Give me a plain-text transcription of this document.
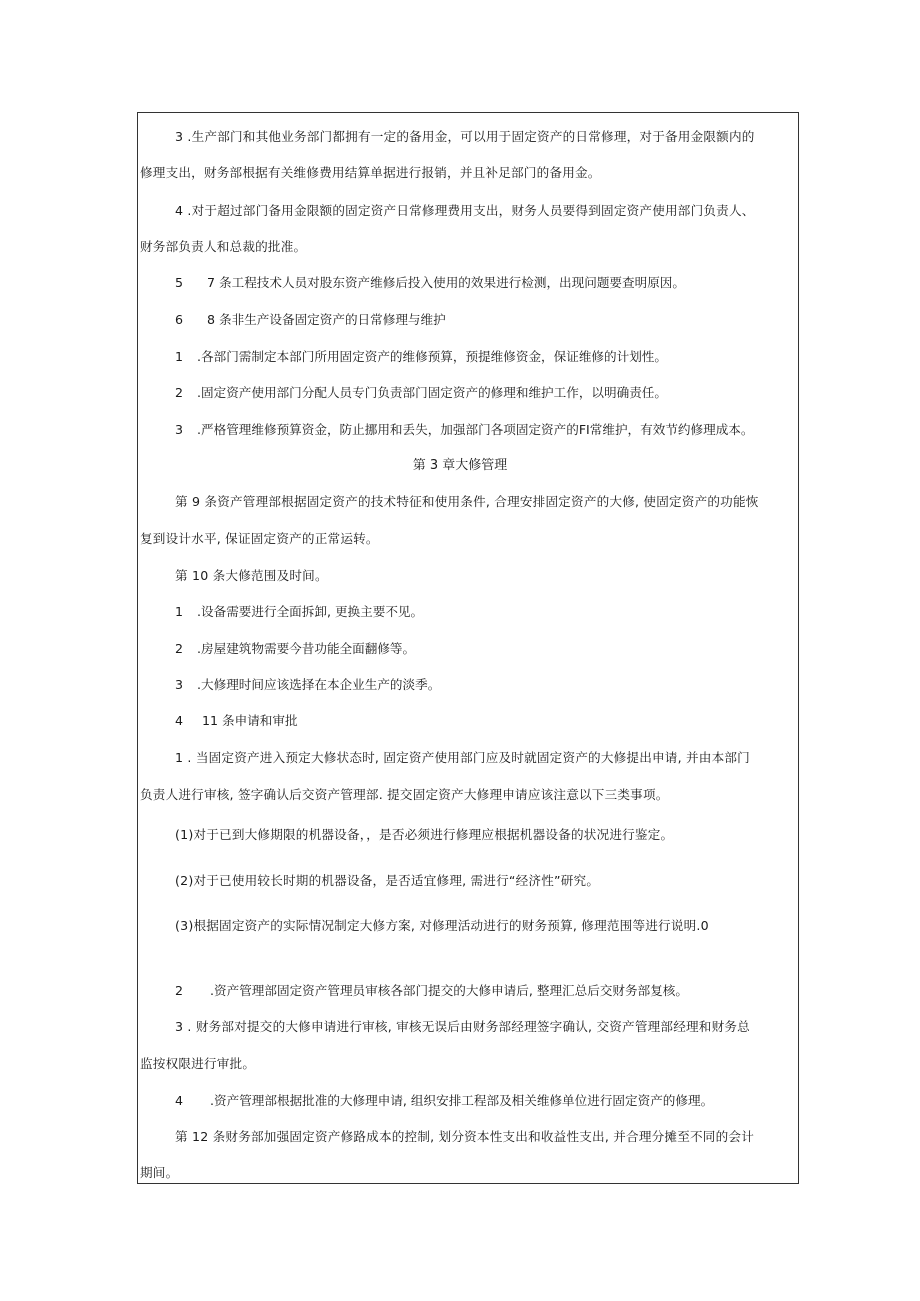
3 .生产部门和其他业务部门都拥有一定的备用金，可以用于固定资产的日常修理，对于备用金限额内的
修理支出，财务部根据有关维修费用结算单据进行报销，并且补足部门的备用金。
4 .对于超过部门备用金限额的固定资产日常修理费用支出，财务人员要得到固定资产使用部门负责人、
财务部负责人和总裁的批准。
5 7 条工程技术人员对股东资产维修后投入使用的效果进行检测，出现问题要查明原因。
6 8 条非生产设备固定资产的日常修理与维护
1 .各部门需制定本部门所用固定资产的维修预算，预提维修资金，保证维修的计划性。
2 .固定资产使用部门分配人员专门负责部门固定资产的修理和维护工作，以明确责任。
3 .严格管理维修预算资金，防止挪用和丢失，加强部门各项固定资产的FI常维护，有效节约修理成本。
第 3 章大修管理
第 9 条资产管理部根据固定资产的技术特征和使用条件, 合理安排固定资产的大修, 使固定资产的功能恢
复到设计水平, 保证固定资产的正常运转。
第 10 条大修范围及时间。
1 .设备需要进行全面拆卸, 更换主要不见。
2 .房屋建筑物需要今昔功能全面翻修等。
3 .大修理时间应该选择在本企业生产的淡季。
4 11 条申请和审批
1 . 当固定资产进入预定大修状态时, 固定资产使用部门应及时就固定资产的大修提出申请, 并由本部门
负责人进行审核, 签字确认后交资产管理部. 提交固定资产大修理申请应该注意以下三类事项。
(1)对于已到大修期限的机器设备，，是否必须进行修理应根据机器设备的状况进行鉴定。
(2)对于已使用较长时期的机器设备，是否适宜修理, 需进行“经济性”研究。
(3)根据固定资产的实际情况制定大修方案, 对修理活动进行的财务预算, 修理范围等进行说明.0
2 .资产管理部固定资产管理员审核各部门提交的大修申请后, 整理汇总后交财务部复核。
3 . 财务部对提交的大修申请进行审核, 审核无误后由财务部经理签字确认, 交资产管理部经理和财务总
监按权限进行审批。
4 .资产管理部根据批准的大修理申请, 组织安排工程部及相关维修单位进行固定资产的修理。
第 12 条财务部加强固定资产修路成本的控制, 划分资本性支出和收益性支出, 并合理分摊至不同的会计
期间。
